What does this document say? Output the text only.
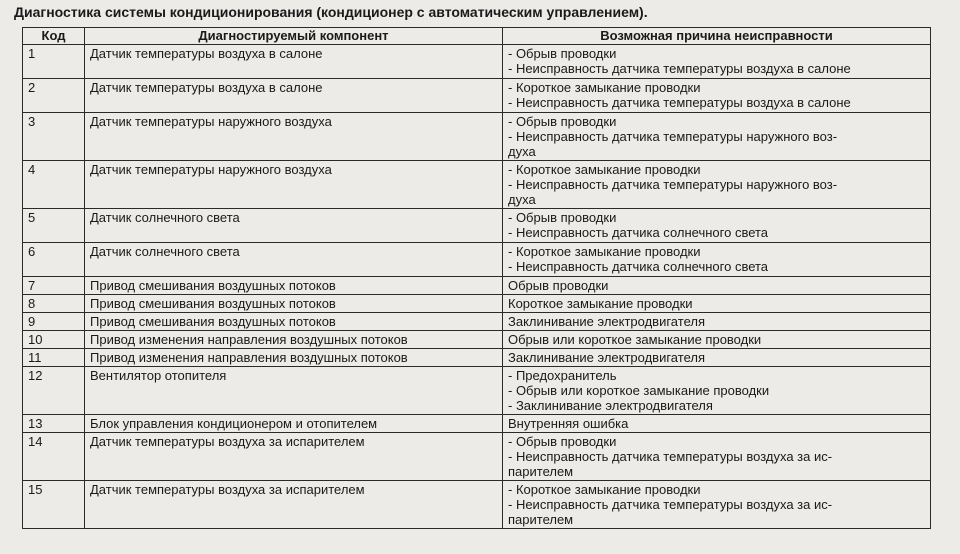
Диагностика системы кондиционирования (кондиционер с автоматическим управлением).
Код	Диагностируемый компонент	Возможная причина неисправности
1	Датчик температуры воздуха в салоне	- Обрыв проводки
- Неисправность датчика температуры воздуха в салоне

2	Датчик температуры воздуха в салоне	- Короткое замыкание проводки
- Неисправность датчика температуры воздуха в салоне

3	Датчик температуры наружного воздуха	- Обрыв проводки
- Неисправность датчика температуры наружного воз-
духа

4	Датчик температуры наружного воздуха	- Короткое замыкание проводки
- Неисправность датчика температуры наружного воз-
духа

5	Датчик солнечного света	- Обрыв проводки
- Неисправность датчика солнечного света

6	Датчик солнечного света	- Короткое замыкание проводки
- Неисправность датчика солнечного света

7	Привод смешивания воздушных потоков	Обрыв проводки

8	Привод смешивания воздушных потоков	Короткое замыкание проводки

9	Привод смешивания воздушных потоков	Заклинивание электродвигателя

10	Привод изменения направления воздушных потоков	Обрыв или короткое замыкание проводки

11	Привод изменения направления воздушных потоков	Заклинивание электродвигателя

12	Вентилятор отопителя	- Предохранитель
- Обрыв или короткое замыкание проводки
- Заклинивание электродвигателя

13	Блок управления кондиционером и отопителем	Внутренняя ошибка

14	Датчик температуры воздуха за испарителем	- Обрыв проводки
- Неисправность датчика температуры воздуха за ис-
парителем

15	Датчик температуры воздуха за испарителем	- Короткое замыкание проводки
- Неисправность датчика температуры воздуха за ис-
парителем
